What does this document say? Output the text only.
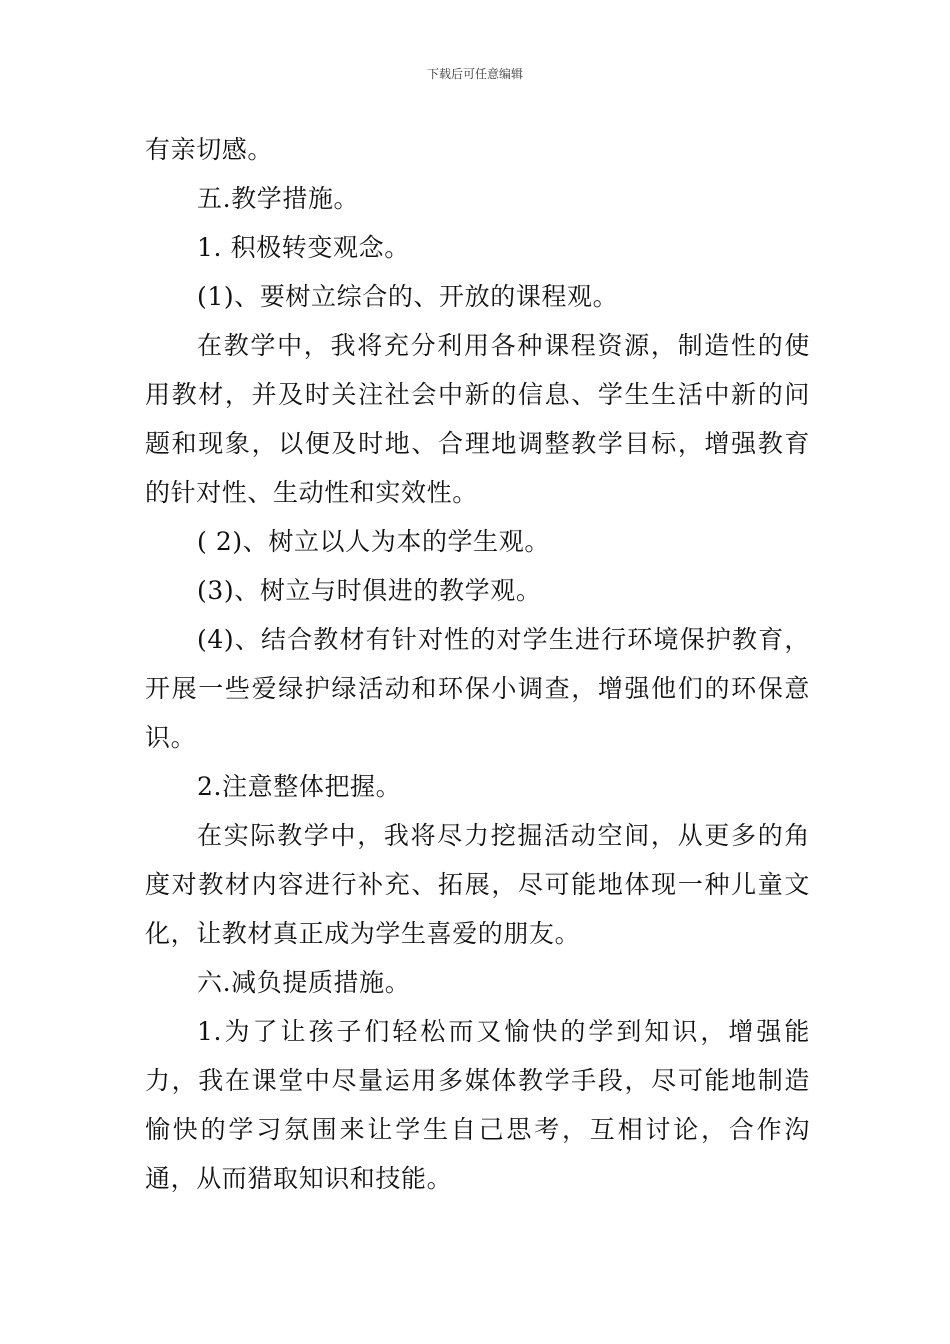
下载后可任意编辑

有亲切感。

五.教学措施。

1. 积极转变观念。

(1)、要树立综合的、开放的课程观。

在教学中，我将充分利用各种课程资源，制造性的使用教材，并及时关注社会中新的信息、学生生活中新的问题和现象，以便及时地、合理地调整教学目标，增强教育的针对性、生动性和实效性。

( 2)、树立以人为本的学生观。

(3)、树立与时俱进的教学观。

(4)、结合教材有针对性的对学生进行环境保护教育，开展一些爱绿护绿活动和环保小调查，增强他们的环保意识。

2.注意整体把握。

在实际教学中，我将尽力挖掘活动空间，从更多的角度对教材内容进行补充、拓展，尽可能地体现一种儿童文化，让教材真正成为学生喜爱的朋友。

六.减负提质措施。

1.为了让孩子们轻松而又愉快的学到知识，增强能力，我在课堂中尽量运用多媒体教学手段，尽可能地制造愉快的学习氛围来让学生自己思考，互相讨论，合作沟通，从而猎取知识和技能。
